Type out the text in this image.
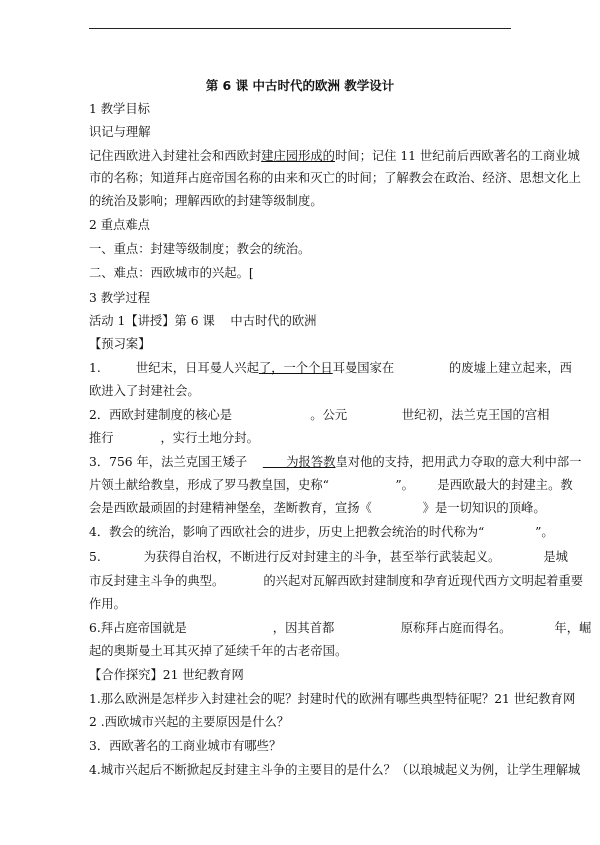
第 6 课 中古时代的欧洲 教学设计
1 教学目标
识记与理解
记住西欧进入封建社会和西欧封建庄园形成的时间；记住 11 世纪前后西欧著名的工商业城
市的名称；知道拜占庭帝国名称的由来和灭亡的时间；了解教会在政治、经济、思想文化上
的统治及影响；理解西欧的封建等级制度。
2 重点难点
一、重点：封建等级制度；教会的统治。
二、难点：西欧城市的兴起。[
3 教学过程
活动 1【讲授】第 6 课    中古时代的欧洲
【预习案】
1.         世纪末，日耳曼人兴起了，一个个日耳曼国家在              的废墟上建立起来，西
欧进入了封建社会。
2．西欧封建制度的核心是                    。公元              世纪初，法兰克王国的宫相
推行            ，实行土地分封。
3．756 年，法兰克国王矮子          为报答教皇对他的支持，把用武力夺取的意大利中部一
片领土献给教皇，形成了罗马教皇国，史称“                 ”。      是西欧最大的封建主。教
会是西欧最顽固的封建精神堡垒，垄断教育，宣扬《             》是一切知识的顶峰。
4．教会的统治，影响了西欧社会的进步，历史上把教会统治的时代称为“             ”。
5.           为获得自治权，不断进行反对封建主的斗争，甚至举行武装起义。           是城
市反封建主斗争的典型。          的兴起对瓦解西欧封建制度和孕育近现代西方文明起着重要
作用。
6.拜占庭帝国就是                      ，因其首都                 原称拜占庭而得名。           年，崛
起的奥斯曼土耳其灭掉了延续千年的古老帝国。
【合作探究】21 世纪教育网
1.那么欧洲是怎样步入封建社会的呢？封建时代的欧洲有哪些典型特征呢？21 世纪教育网
2 .西欧城市兴起的主要原因是什么？
3．西欧著名的工商业城市有哪些？
4.城市兴起后不断掀起反封建主斗争的主要目的是什么？（以琅城起义为例，让学生理解城
